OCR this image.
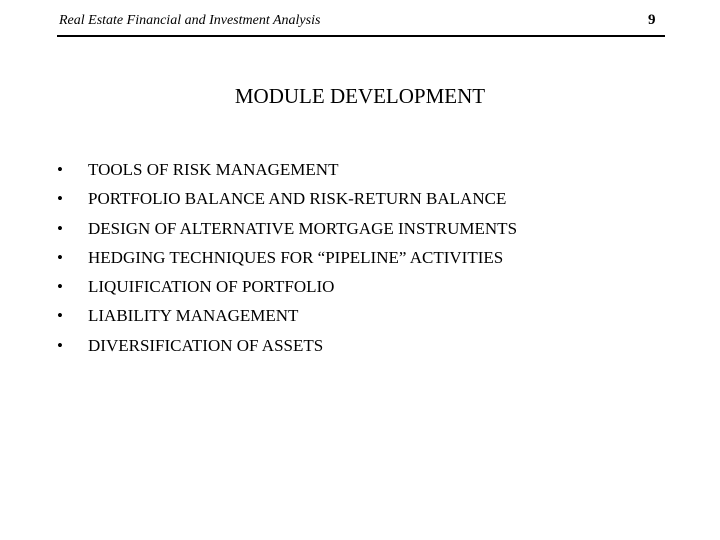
Real Estate Financial and Investment Analysis	9
MODULE DEVELOPMENT
•	TOOLS OF RISK MANAGEMENT
•	PORTFOLIO BALANCE AND RISK-RETURN BALANCE
•	DESIGN OF ALTERNATIVE MORTGAGE INSTRUMENTS
•	HEDGING TECHNIQUES FOR “PIPELINE” ACTIVITIES
•	LIQUIFICATION OF PORTFOLIO
•	LIABILITY MANAGEMENT
•	DIVERSIFICATION OF ASSETS
